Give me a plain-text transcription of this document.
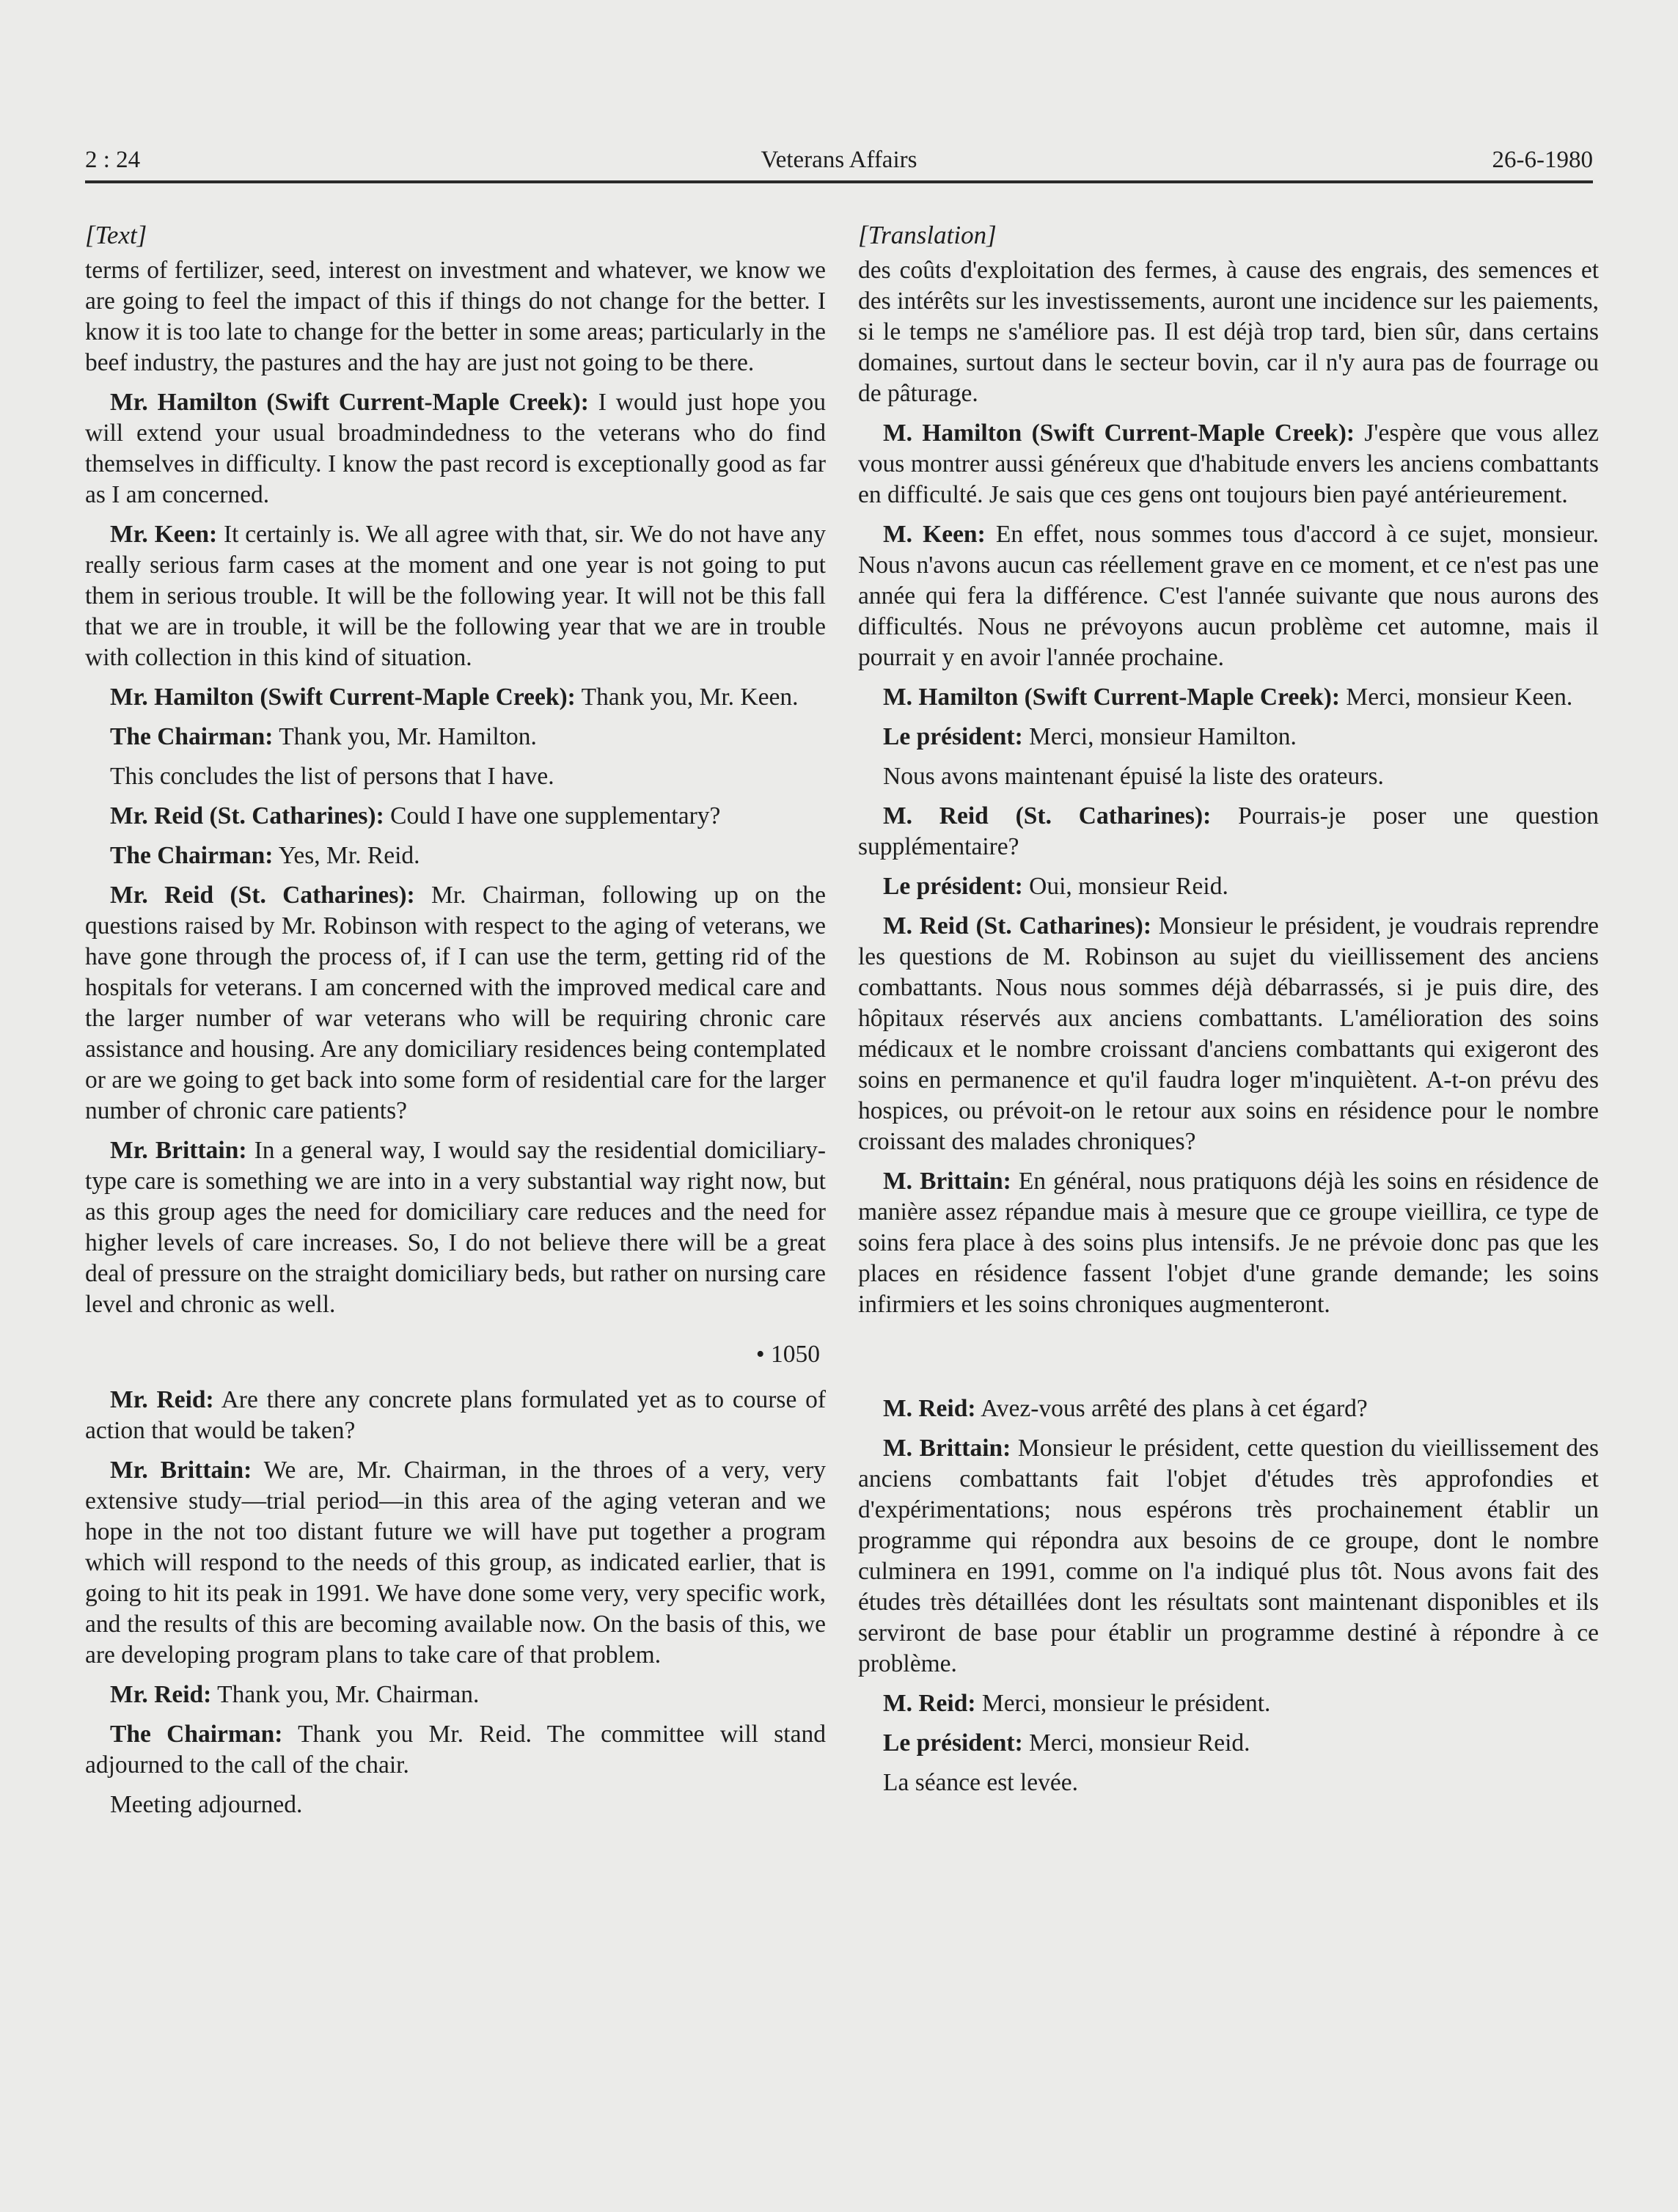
2 : 24	Veterans Affairs	26-6-1980
[Text]

terms of fertilizer, seed, interest on investment and whatever, we know we are going to feel the impact of this if things do not change for the better. I know it is too late to change for the better in some areas; particularly in the beef industry, the pastures and the hay are just not going to be there.

Mr. Hamilton (Swift Current-Maple Creek): I would just hope you will extend your usual broadmindedness to the veterans who do find themselves in difficulty. I know the past record is exceptionally good as far as I am concerned.

Mr. Keen: It certainly is. We all agree with that, sir. We do not have any really serious farm cases at the moment and one year is not going to put them in serious trouble. It will be the following year. It will not be this fall that we are in trouble, it will be the following year that we are in trouble with collection in this kind of situation.

Mr. Hamilton (Swift Current-Maple Creek): Thank you, Mr. Keen.

The Chairman: Thank you, Mr. Hamilton.

This concludes the list of persons that I have.

Mr. Reid (St. Catharines): Could I have one supplementary?

The Chairman: Yes, Mr. Reid.

Mr. Reid (St. Catharines): Mr. Chairman, following up on the questions raised by Mr. Robinson with respect to the aging of veterans, we have gone through the process of, if I can use the term, getting rid of the hospitals for veterans. I am concerned with the improved medical care and the larger number of war veterans who will be requiring chronic care assistance and housing. Are any domiciliary residences being contemplated or are we going to get back into some form of residential care for the larger number of chronic care patients?

Mr. Brittain: In a general way, I would say the residential domiciliary-type care is something we are into in a very substantial way right now, but as this group ages the need for domiciliary care reduces and the need for higher levels of care increases. So, I do not believe there will be a great deal of pressure on the straight domiciliary beds, but rather on nursing care level and chronic as well.

• 1050

Mr. Reid: Are there any concrete plans formulated yet as to course of action that would be taken?

Mr. Brittain: We are, Mr. Chairman, in the throes of a very, very extensive study—trial period—in this area of the aging veteran and we hope in the not too distant future we will have put together a program which will respond to the needs of this group, as indicated earlier, that is going to hit its peak in 1991. We have done some very, very specific work, and the results of this are becoming available now. On the basis of this, we are developing program plans to take care of that problem.

Mr. Reid: Thank you, Mr. Chairman.

The Chairman: Thank you Mr. Reid. The committee will stand adjourned to the call of the chair.

Meeting adjourned.

[Translation]

des coûts d'exploitation des fermes, à cause des engrais, des semences et des intérêts sur les investissements, auront une incidence sur les paiements, si le temps ne s'améliore pas. Il est déjà trop tard, bien sûr, dans certains domaines, surtout dans le secteur bovin, car il n'y aura pas de fourrage ou de pâturage.

M. Hamilton (Swift Current-Maple Creek): J'espère que vous allez vous montrer aussi généreux que d'habitude envers les anciens combattants en difficulté. Je sais que ces gens ont toujours bien payé antérieurement.

M. Keen: En effet, nous sommes tous d'accord à ce sujet, monsieur. Nous n'avons aucun cas réellement grave en ce moment, et ce n'est pas une année qui fera la différence. C'est l'année suivante que nous aurons des difficultés. Nous ne prévoyons aucun problème cet automne, mais il pourrait y en avoir l'année prochaine.

M. Hamilton (Swift Current-Maple Creek): Merci, monsieur Keen.

Le président: Merci, monsieur Hamilton.

Nous avons maintenant épuisé la liste des orateurs.

M. Reid (St. Catharines): Pourrais-je poser une question supplémentaire?

Le président: Oui, monsieur Reid.

M. Reid (St. Catharines): Monsieur le président, je voudrais reprendre les questions de M. Robinson au sujet du vieillissement des anciens combattants. Nous nous sommes déjà débarrassés, si je puis dire, des hôpitaux réservés aux anciens combattants. L'amélioration des soins médicaux et le nombre croissant d'anciens combattants qui exigeront des soins en permanence et qu'il faudra loger m'inquiètent. A-t-on prévu des hospices, ou prévoit-on le retour aux soins en résidence pour le nombre croissant des malades chroniques?

M. Brittain: En général, nous pratiquons déjà les soins en résidence de manière assez répandue mais à mesure que ce groupe vieillira, ce type de soins fera place à des soins plus intensifs. Je ne prévoie donc pas que les places en résidence fassent l'objet d'une grande demande; les soins infirmiers et les soins chroniques augmenteront.

M. Reid: Avez-vous arrêté des plans à cet égard?

M. Brittain: Monsieur le président, cette question du vieillissement des anciens combattants fait l'objet d'études très approfondies et d'expérimentations; nous espérons très prochainement établir un programme qui répondra aux besoins de ce groupe, dont le nombre culminera en 1991, comme on l'a indiqué plus tôt. Nous avons fait des études très détaillées dont les résultats sont maintenant disponibles et ils serviront de base pour établir un programme destiné à répondre à ce problème.

M. Reid: Merci, monsieur le président.

Le président: Merci, monsieur Reid.

La séance est levée.
